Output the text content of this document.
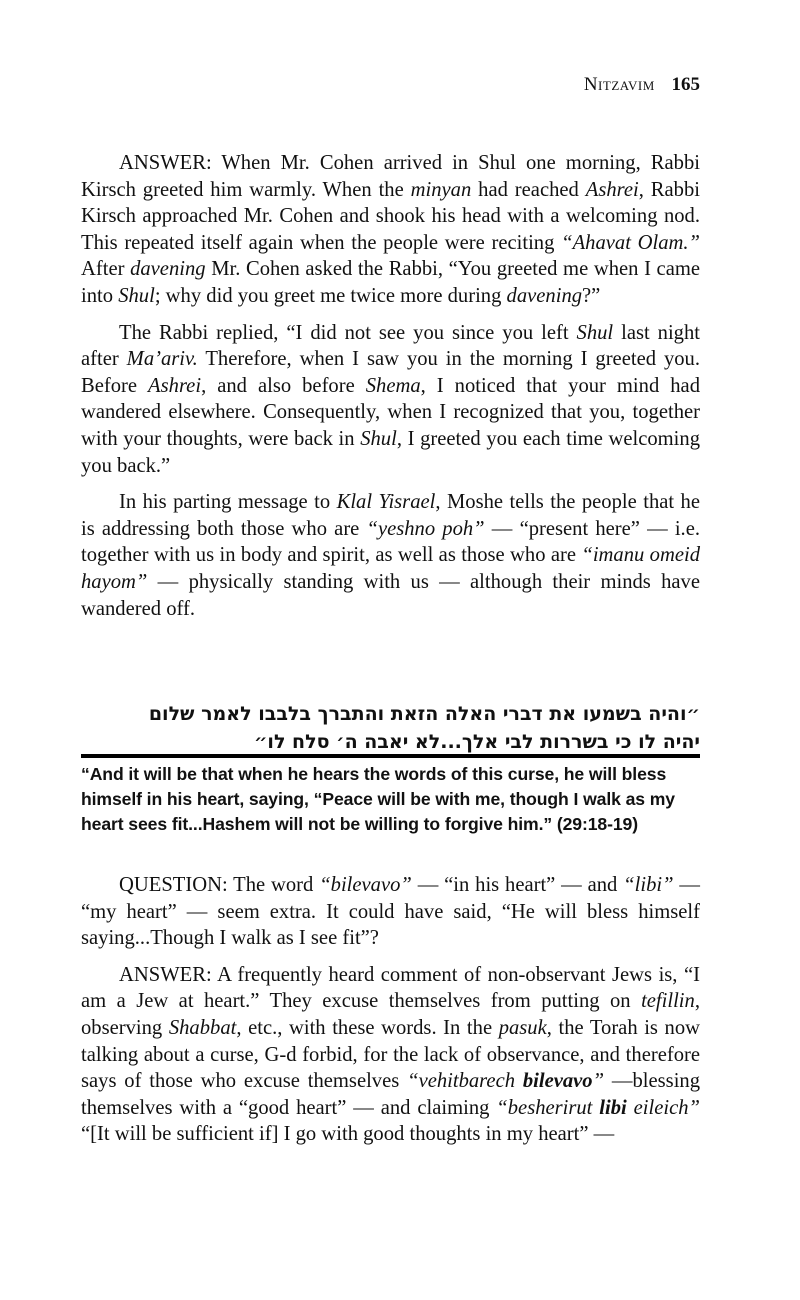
Nitzavim 165

ANSWER: When Mr. Cohen arrived in Shul one morning, Rabbi Kirsch greeted him warmly. When the minyan had reached Ashrei, Rabbi Kirsch approached Mr. Cohen and shook his head with a welcoming nod. This repeated itself again when the people were reciting “Ahavat Olam.” After davening Mr. Cohen asked the Rabbi, “You greeted me when I came into Shul; why did you greet me twice more during davening?”

The Rabbi replied, “I did not see you since you left Shul last night after Ma’ariv. Therefore, when I saw you in the morning I greeted you. Before Ashrei, and also before Shema, I noticed that your mind had wandered elsewhere. Consequently, when I recognized that you, together with your thoughts, were back in Shul, I greeted you each time welcoming you back.”

In his parting message to Klal Yisrael, Moshe tells the people that he is addressing both those who are “yeshno poh” — “present here” — i.e. together with us in body and spirit, as well as those who are “imanu omeid hayom” — physically standing with us — although their minds have wandered off.

״והיה בשמעו את דברי האלה הזאת והתברך בלבבו לאמר שלום
יהיה לו כי בשררות לבי אלך...לא יאבה ה׳ סלח לו״
“And it will be that when he hears the words of this curse, he will bless himself in his heart, saying, “Peace will be with me, though I walk as my heart sees fit...Hashem will not be willing to forgive him.” (29:18-19)

QUESTION: The word “bilevavo” — “in his heart” — and “libi” — “my heart” — seem extra. It could have said, “He will bless himself saying...Though I walk as I see fit”?

ANSWER: A frequently heard comment of non-observant Jews is, “I am a Jew at heart.” They excuse themselves from putting on tefillin, observing Shabbat, etc., with these words. In the pasuk, the Torah is now talking about a curse, G-d forbid, for the lack of observance, and therefore says of those who excuse themselves “vehitbarech bilevavo” —blessing themselves with a “good heart” — and claiming “besherirut libi eileich” “[It will be sufficient if] I go with good thoughts in my heart” —
